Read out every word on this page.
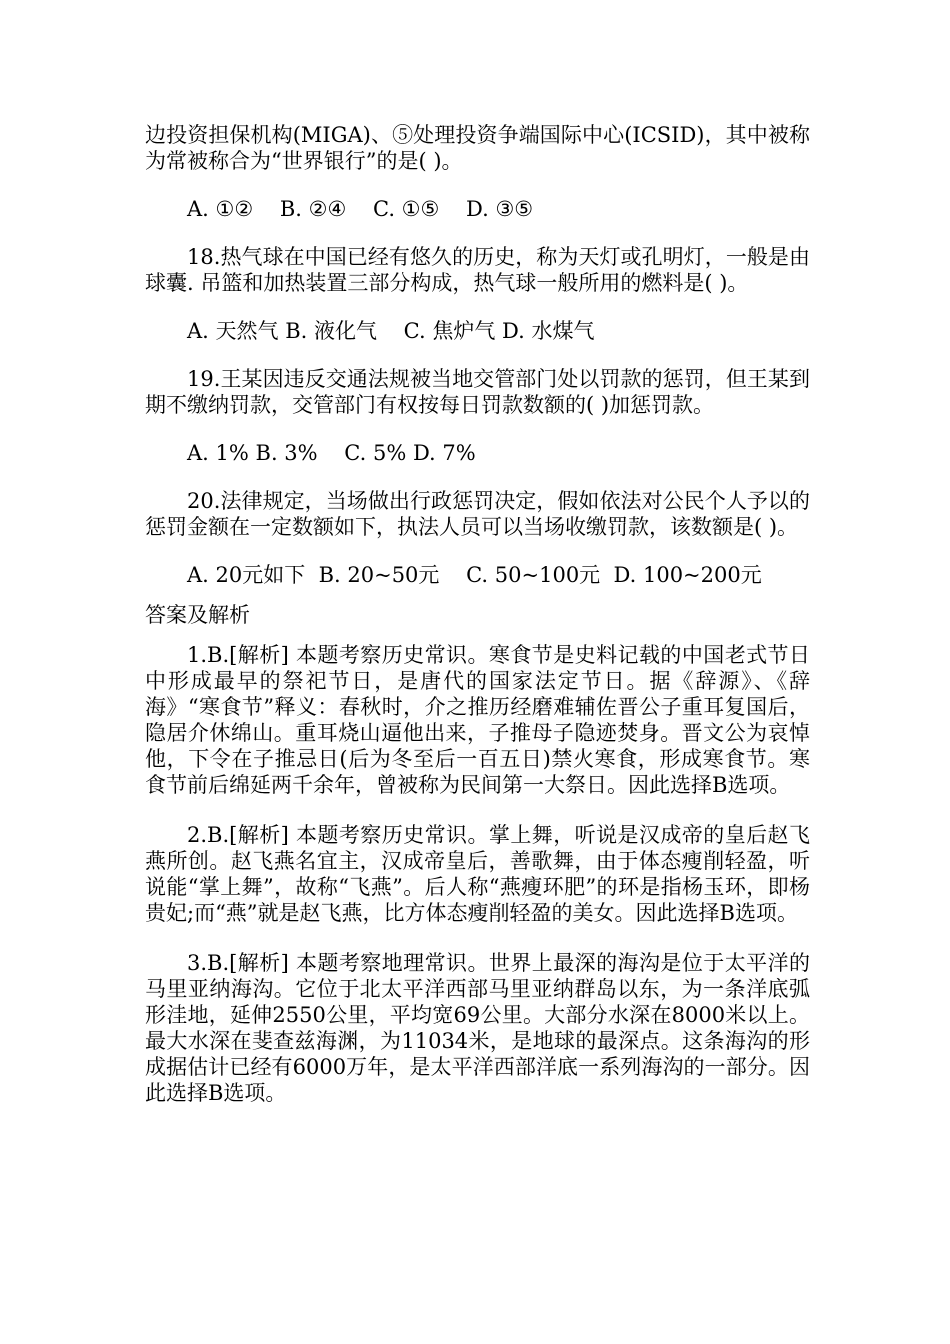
边投资担保机构(MIGA)、⑤处理投资争端国际中心(ICSID)，其中被称为常被称合为“世界银行”的是( )。

A. ①②    B. ②④    C. ①⑤    D. ③⑤

18.热气球在中国已经有悠久的历史，称为天灯或孔明灯，一般是由球囊. 吊篮和加热装置三部分构成，热气球一般所用的燃料是( )。

A. 天然气 B. 液化气    C. 焦炉气 D. 水煤气

19.王某因违反交通法规被当地交管部门处以罚款的惩罚，但王某到期不缴纳罚款，交管部门有权按每日罚款数额的( )加惩罚款。

A. 1% B. 3%    C. 5% D. 7%

20.法律规定，当场做出行政惩罚决定，假如依法对公民个人予以的惩罚金额在一定数额如下，执法人员可以当场收缴罚款，该数额是( )。

A. 20元如下  B. 20~50元    C. 50~100元  D. 100~200元

答案及解析

1.B.[解析] 本题考察历史常识。寒食节是史料记载的中国老式节日中形成最早的祭祀节日，是唐代的国家法定节日。据《辞源》、《辞海》“寒食节”释义：春秋时，介之推历经磨难辅佐晋公子重耳复国后，隐居介休绵山。重耳烧山逼他出来，子推母子隐迹焚身。晋文公为哀悼他，下令在子推忌日(后为冬至后一百五日)禁火寒食，形成寒食节。寒食节前后绵延两千余年，曾被称为民间第一大祭日。因此选择B选项。

2.B.[解析] 本题考察历史常识。掌上舞，听说是汉成帝的皇后赵飞燕所创。赵飞燕名宜主，汉成帝皇后，善歌舞，由于体态瘦削轻盈，听说能“掌上舞”，故称“飞燕”。后人称“燕瘦环肥”的环是指杨玉环，即杨贵妃;而“燕”就是赵飞燕，比方体态瘦削轻盈的美女。因此选择B选项。

3.B.[解析] 本题考察地理常识。世界上最深的海沟是位于太平洋的马里亚纳海沟。它位于北太平洋西部马里亚纳群岛以东，为一条洋底弧形洼地，延伸2550公里，平均宽69公里。大部分水深在8000米以上。最大水深在斐查兹海渊，为11034米，是地球的最深点。这条海沟的形成据估计已经有6000万年，是太平洋西部洋底一系列海沟的一部分。因此选择B选项。
